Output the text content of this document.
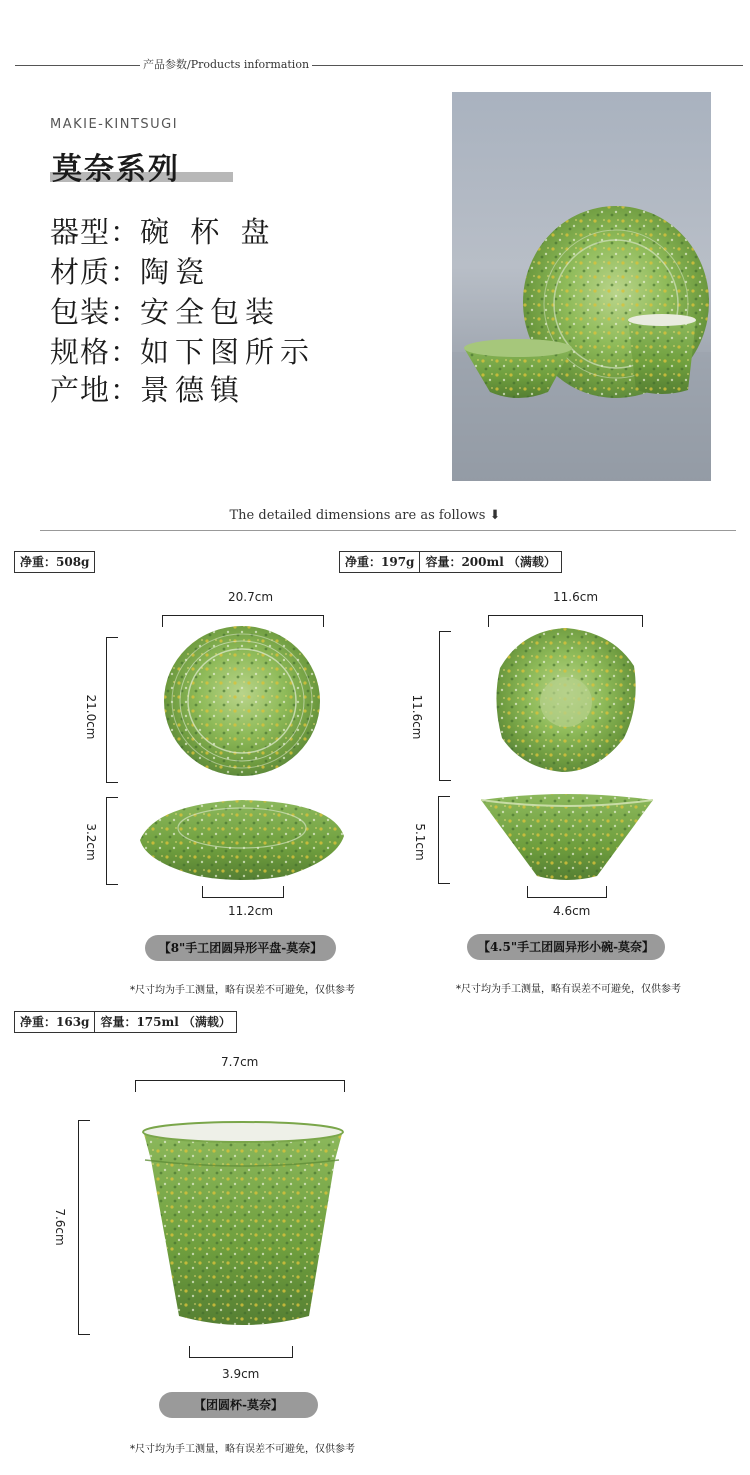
产品参数/Products information
MAKIE-KINTSUGI
莫奈系列
器型：碗 杯 盘
材质：陶瓷
包装：安全包装
规格：如下图所示
产地：景德镇
The detailed dimensions are as follows ⬇
净重：508g
20.7cm
21.0cm
3.2cm
11.2cm
【8"手工团圆异形平盘-莫奈】
*尺寸均为手工测量，略有误差不可避免，仅供参考
净重：197g 容量：200ml （满载）
11.6cm
11.6cm
5.1cm
4.6cm
【4.5"手工团圆异形小碗-莫奈】
*尺寸均为手工测量，略有误差不可避免，仅供参考
净重：163g 容量：175ml （满载）
7.7cm
7.6cm
3.9cm
【团圆杯-莫奈】
*尺寸均为手工测量，略有误差不可避免，仅供参考
